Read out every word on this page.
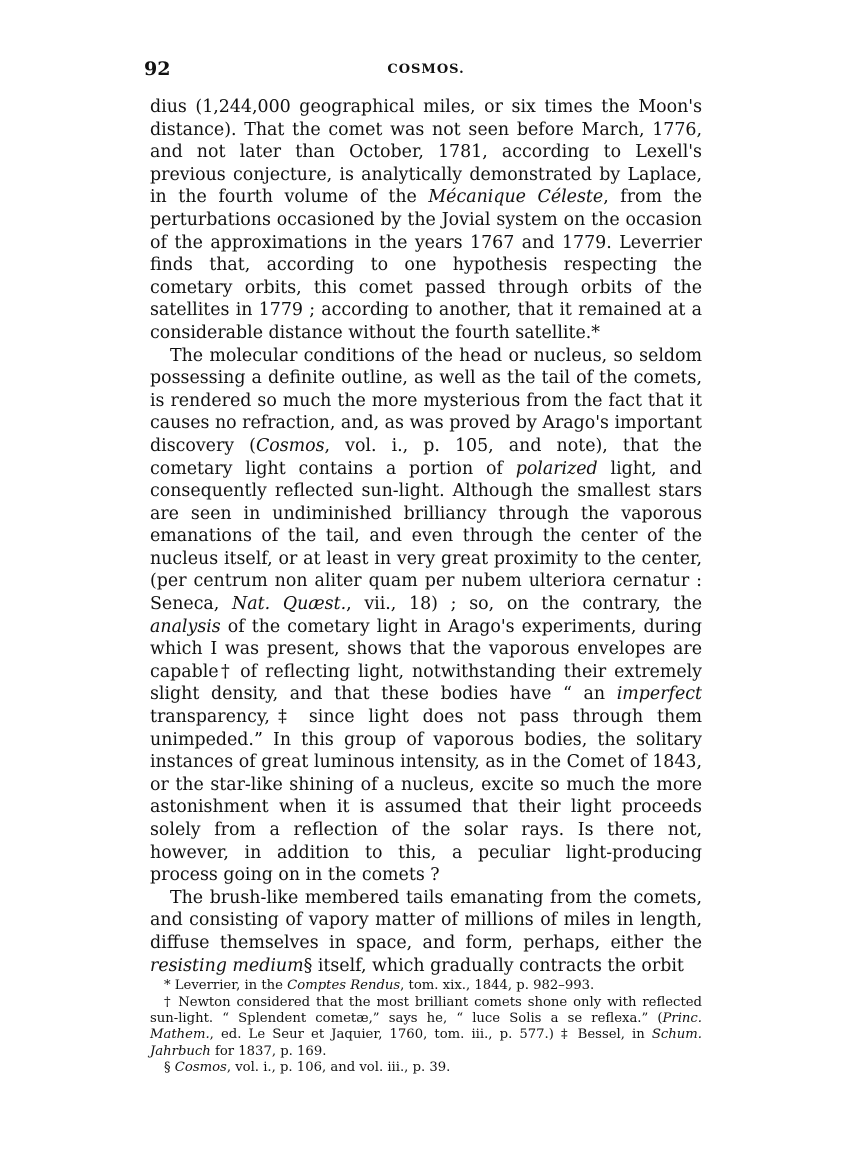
92	COSMOS.

dius (1,244,000 geographical miles, or six times the Moon's distance). That the comet was not seen before March, 1776, and not later than October, 1781, according to Lexell's previous conjecture, is analytically demonstrated by Laplace, in the fourth volume of the Mécanique Céleste, from the perturbations occasioned by the Jovial system on the occasion of the approximations in the years 1767 and 1779. Leverrier finds that, according to one hypothesis respecting the cometary orbits, this comet passed through orbits of the satellites in 1779 ; according to another, that it remained at a considerable distance without the fourth satellite.*

The molecular conditions of the head or nucleus, so seldom possessing a definite outline, as well as the tail of the comets, is rendered so much the more mysterious from the fact that it causes no refraction, and, as was proved by Arago's important discovery (Cosmos, vol. i., p. 105, and note), that the cometary light contains a portion of polarized light, and consequently reflected sun-light. Although the smallest stars are seen in undiminished brilliancy through the vaporous emanations of the tail, and even through the center of the nucleus itself, or at least in very great proximity to the center, (per centrum non aliter quam per nubem ulteriora cernatur : Seneca, Nat. Quæst., vii., 18) ; so, on the contrary, the analysis of the cometary light in Arago's experiments, during which I was present, shows that the vaporous envelopes are capable† of reflecting light, notwithstanding their extremely slight density, and that these bodies have “ an imperfect transparency,‡ since light does not pass through them unimpeded.” In this group of vaporous bodies, the solitary instances of great luminous intensity, as in the Comet of 1843, or the star-like shining of a nucleus, excite so much the more astonishment when it is assumed that their light proceeds solely from a reflection of the solar rays. Is there not, however, in addition to this, a peculiar light-producing process going on in the comets ?

The brush-like membered tails emanating from the comets, and consisting of vapory matter of millions of miles in length, diffuse themselves in space, and form, perhaps, either the resisting medium§ itself, which gradually contracts the orbit

* Leverrier, in the Comptes Rendus, tom. xix., 1844, p. 982–993.

† Newton considered that the most brilliant comets shone only with reflected sun-light. “ Splendent cometæ,” says he, “ luce Solis a se reflexa.” (Princ. Mathem., ed. Le Seur et Jaquier, 1760, tom. iii., p. 577.) ‡ Bessel, in Schum. Jahrbuch for 1837, p. 169.

§ Cosmos, vol. i., p. 106, and vol. iii., p. 39.
